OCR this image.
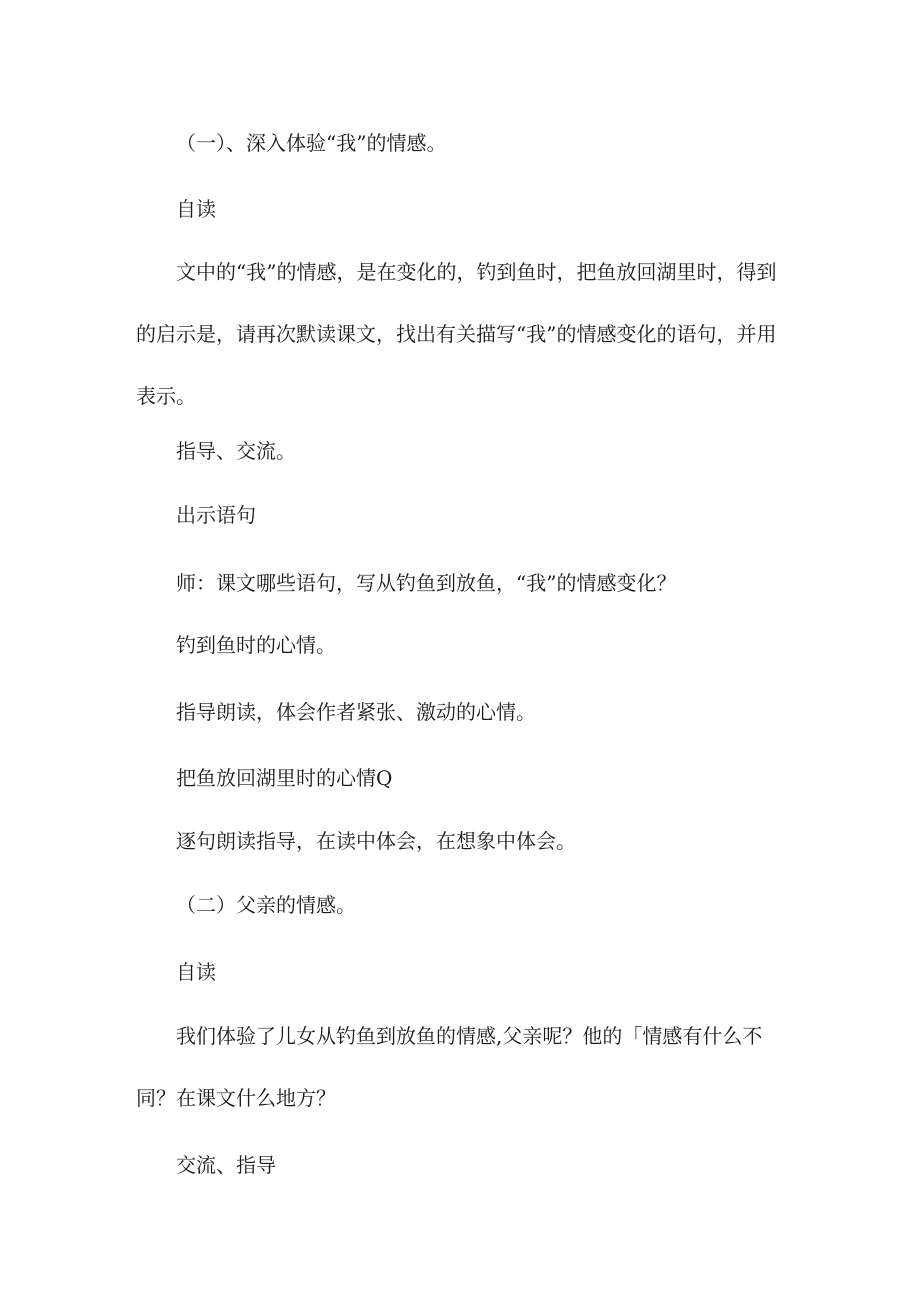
（一）、深入体验“我”的情感。

自读

文中的“我”的情感，是在变化的，钓到鱼时，把鱼放回湖里时，得到的启示是，请再次默读课文，找出有关描写“我”的情感变化的语句，并用表示。

指导、交流。

出示语句

师：课文哪些语句，写从钓鱼到放鱼，“我”的情感变化？

钓到鱼时的心情。

指导朗读，体会作者紧张、激动的心情。

把鱼放回湖里时的心情Q

逐句朗读指导，在读中体会，在想象中体会。

（二）父亲的情感。

自读

我们体验了儿女从钓鱼到放鱼的情感,父亲呢？他的「情感有什么不同？在课文什么地方？

交流、指导
